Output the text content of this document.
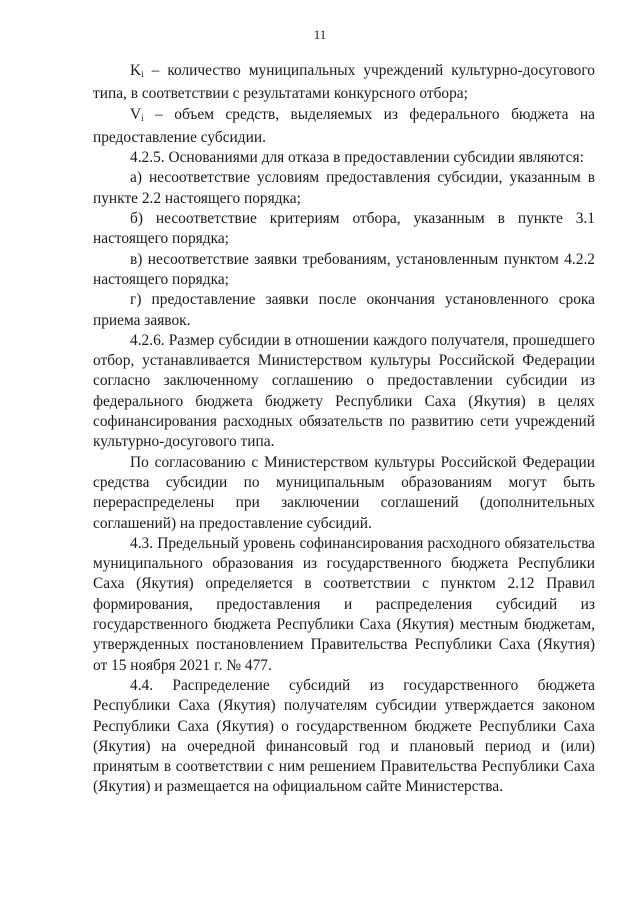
11

$K_i$ – количество муниципальных учреждений культурно-досугового типа, в соответствии с результатами конкурсного отбора;

$V_i$ – объем средств, выделяемых из федерального бюджета на предоставление субсидии.

4.2.5. Основаниями для отказа в предоставлении субсидии являются:

а) несоответствие условиям предоставления субсидии, указанным в пункте 2.2 настоящего порядка;

б) несоответствие критериям отбора, указанным в пункте 3.1 настоящего порядка;

в) несоответствие заявки требованиям, установленным пунктом 4.2.2 настоящего порядка;

г) предоставление заявки после окончания установленного срока приема заявок.

4.2.6. Размер субсидии в отношении каждого получателя, прошедшего отбор, устанавливается Министерством культуры Российской Федерации согласно заключенному соглашению о предоставлении субсидии из федерального бюджета бюджету Республики Саха (Якутия) в целях софинансирования расходных обязательств по развитию сети учреждений культурно-досугового типа.

По согласованию с Министерством культуры Российской Федерации средства субсидии по муниципальным образованиям могут быть перераспределены при заключении соглашений (дополнительных соглашений) на предоставление субсидий.

4.3. Предельный уровень софинансирования расходного обязательства муниципального образования из государственного бюджета Республики Саха (Якутия) определяется в соответствии с пунктом 2.12 Правил формирования, предоставления и распределения субсидий из государственного бюджета Республики Саха (Якутия) местным бюджетам, утвержденных постановлением Правительства Республики Саха (Якутия) от 15 ноября 2021 г. № 477.

4.4. Распределение субсидий из государственного бюджета Республики Саха (Якутия) получателям субсидии утверждается законом Республики Саха (Якутия) о государственном бюджете Республики Саха (Якутия) на очередной финансовый год и плановый период и (или) принятым в соответствии с ним решением Правительства Республики Саха (Якутия) и размещается на официальном сайте Министерства.
